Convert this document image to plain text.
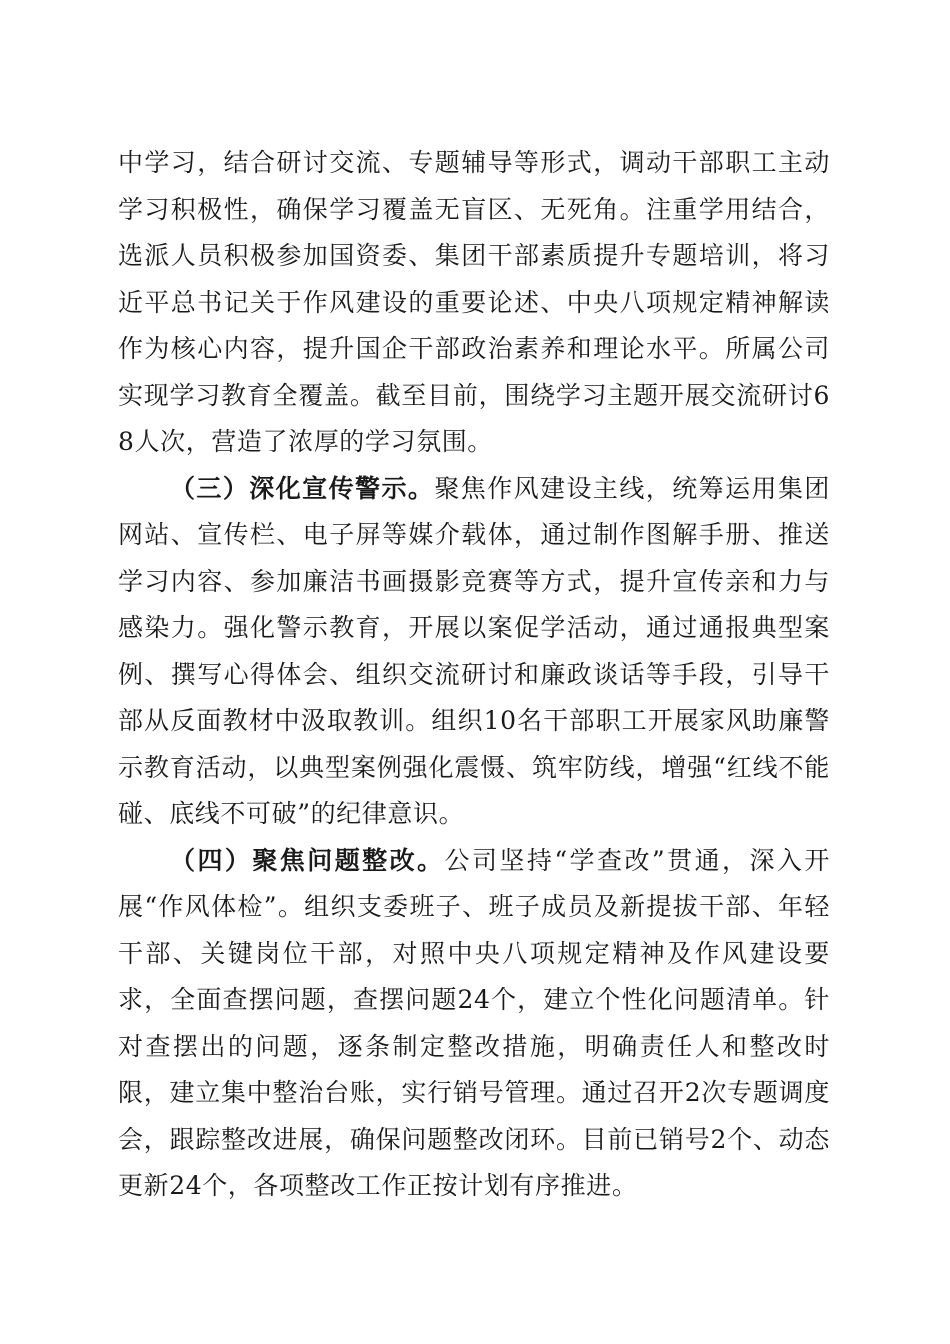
中学习，结合研讨交流、专题辅导等形式，调动干部职工主动学习积极性，确保学习覆盖无盲区、无死角。注重学用结合，选派人员积极参加国资委、集团干部素质提升专题培训，将习近平总书记关于作风建设的重要论述、中央八项规定精神解读作为核心内容，提升国企干部政治素养和理论水平。所属公司实现学习教育全覆盖。截至目前，围绕学习主题开展交流研讨68人次，营造了浓厚的学习氛围。

（三）深化宣传警示。聚焦作风建设主线，统筹运用集团网站、宣传栏、电子屏等媒介载体，通过制作图解手册、推送学习内容、参加廉洁书画摄影竞赛等方式，提升宣传亲和力与感染力。强化警示教育，开展以案促学活动，通过通报典型案例、撰写心得体会、组织交流研讨和廉政谈话等手段，引导干部从反面教材中汲取教训。组织10名干部职工开展家风助廉警示教育活动，以典型案例强化震慑、筑牢防线，增强“红线不能碰、底线不可破”的纪律意识。

（四）聚焦问题整改。公司坚持“学查改”贯通，深入开展“作风体检”。组织支委班子、班子成员及新提拔干部、年轻干部、关键岗位干部，对照中央八项规定精神及作风建设要求，全面查摆问题，查摆问题24个，建立个性化问题清单。针对查摆出的问题，逐条制定整改措施，明确责任人和整改时限，建立集中整治台账，实行销号管理。通过召开2次专题调度会，跟踪整改进展，确保问题整改闭环。目前已销号2个、动态更新24个，各项整改工作正按计划有序推进。
